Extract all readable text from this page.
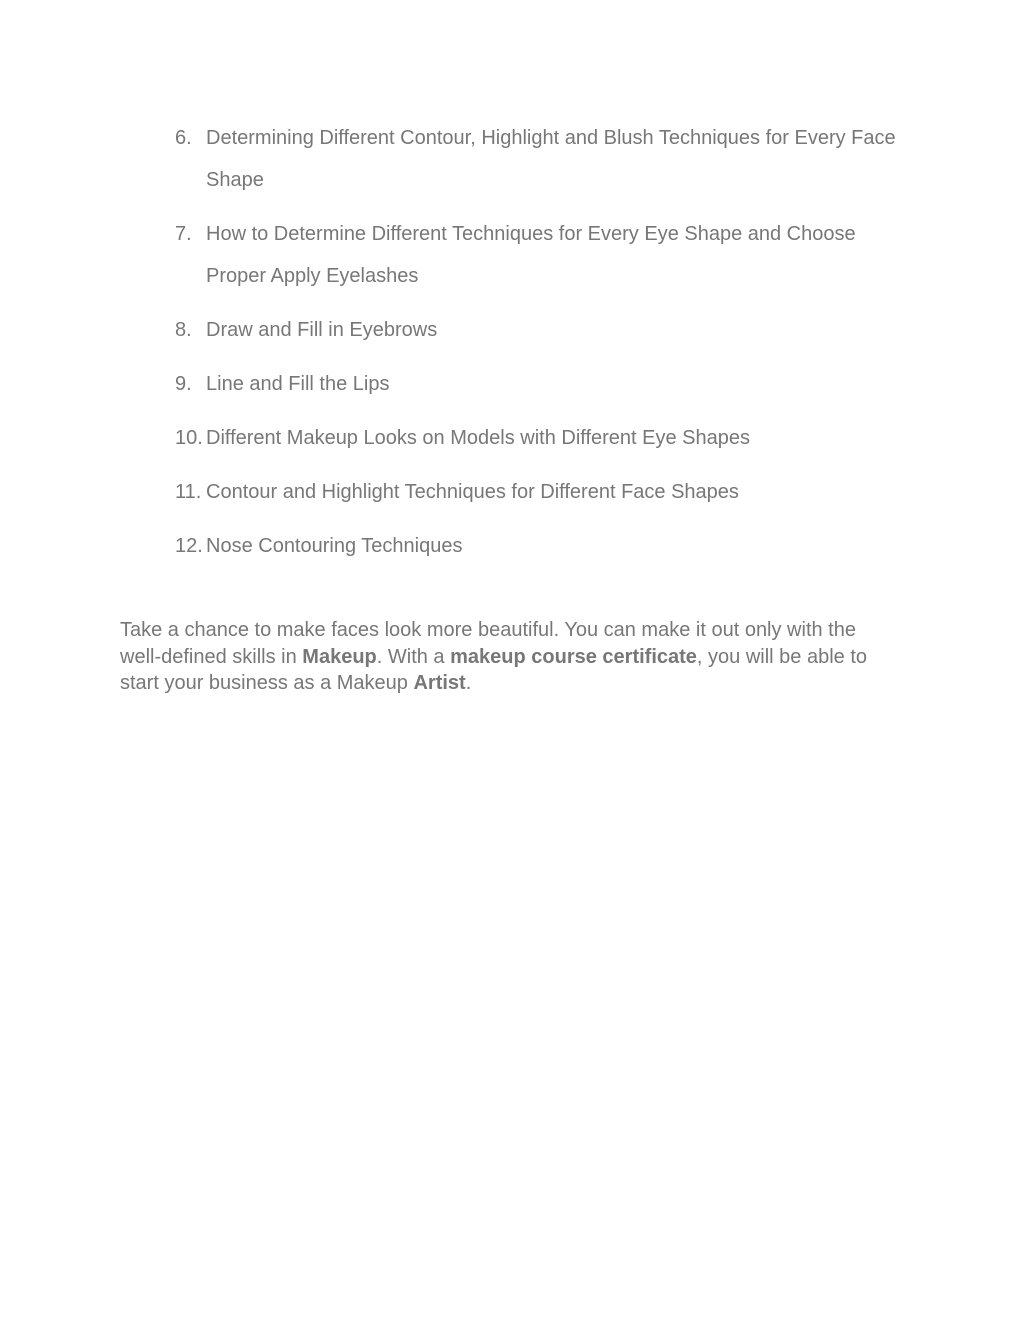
6. Determining Different Contour, Highlight and Blush Techniques for Every Face Shape
7. How to Determine Different Techniques for Every Eye Shape and Choose Proper Apply Eyelashes
8. Draw and Fill in Eyebrows
9. Line and Fill the Lips
10. Different Makeup Looks on Models with Different Eye Shapes
11. Contour and Highlight Techniques for Different Face Shapes
12. Nose Contouring Techniques

Take a chance to make faces look more beautiful. You can make it out only with the well-defined skills in Makeup. With a makeup course certificate, you will be able to start your business as a Makeup Artist.
